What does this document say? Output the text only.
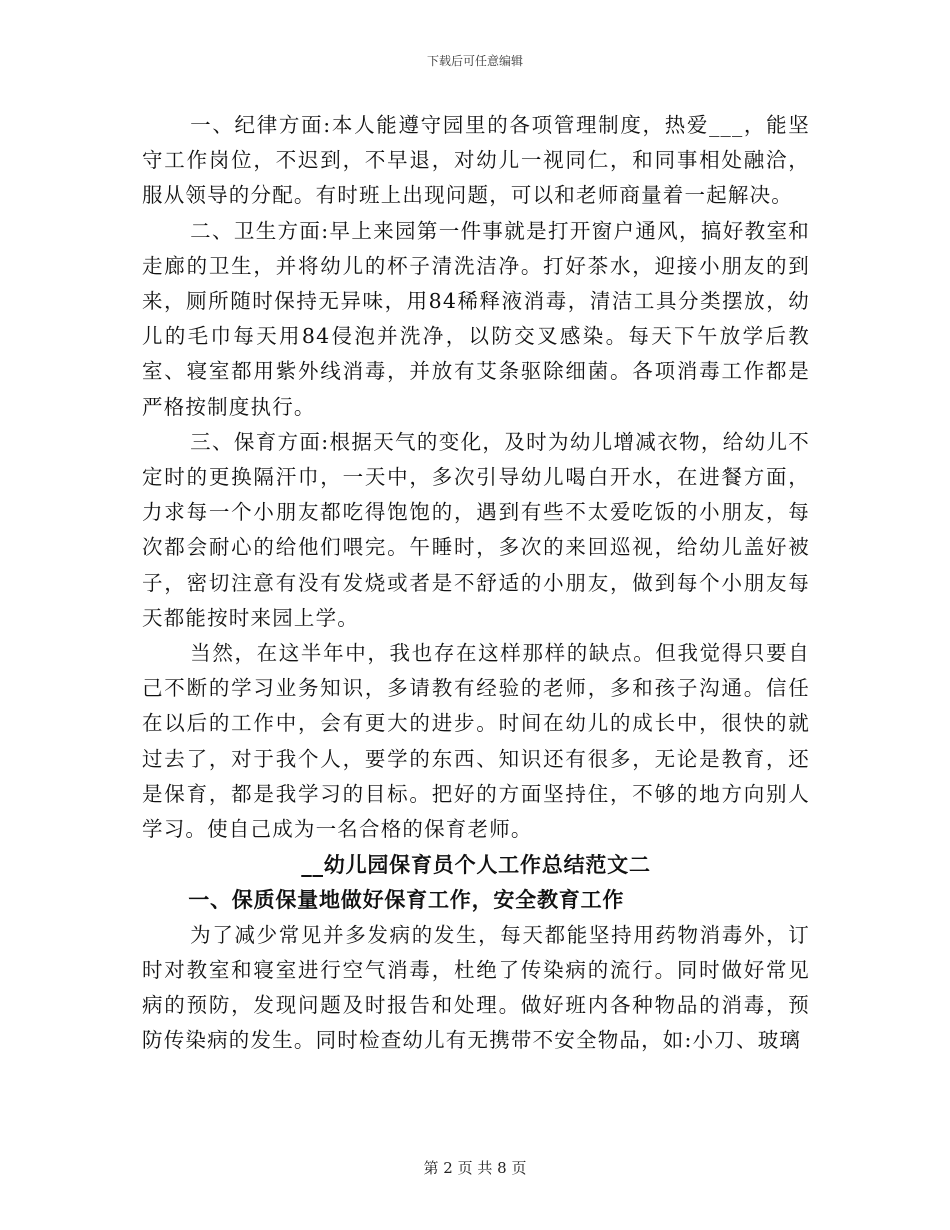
下载后可任意编辑

一、纪律方面:本人能遵守园里的各项管理制度，热爱___，能坚守工作岗位，不迟到，不早退，对幼儿一视同仁，和同事相处融洽，服从领导的分配。有时班上出现问题，可以和老师商量着一起解决。

二、卫生方面:早上来园第一件事就是打开窗户通风，搞好教室和走廊的卫生，并将幼儿的杯子清洗洁净。打好茶水，迎接小朋友的到来，厕所随时保持无异味，用84稀释液消毒，清洁工具分类摆放，幼儿的毛巾每天用84侵泡并洗净，以防交叉感染。每天下午放学后教室、寝室都用紫外线消毒，并放有艾条驱除细菌。各项消毒工作都是严格按制度执行。

三、保育方面:根据天气的变化，及时为幼儿增减衣物，给幼儿不定时的更换隔汗巾，一天中，多次引导幼儿喝白开水，在进餐方面，力求每一个小朋友都吃得饱饱的，遇到有些不太爱吃饭的小朋友，每次都会耐心的给他们喂完。午睡时，多次的来回巡视，给幼儿盖好被子，密切注意有没有发烧或者是不舒适的小朋友，做到每个小朋友每天都能按时来园上学。

当然，在这半年中，我也存在这样那样的缺点。但我觉得只要自己不断的学习业务知识，多请教有经验的老师，多和孩子沟通。信任在以后的工作中，会有更大的进步。时间在幼儿的成长中，很快的就过去了，对于我个人，要学的东西、知识还有很多，无论是教育，还是保育，都是我学习的目标。把好的方面坚持住，不够的地方向别人学习。使自己成为一名合格的保育老师。

__幼儿园保育员个人工作总结范文二
一、保质保量地做好保育工作，安全教育工作

为了减少常见并多发病的发生，每天都能坚持用药物消毒外，订时对教室和寝室进行空气消毒，杜绝了传染病的流行。同时做好常见病的预防，发现问题及时报告和处理。做好班内各种物品的消毒，预防传染病的发生。同时检查幼儿有无携带不安全物品，如:小刀、玻璃

第 2 页 共 8 页
